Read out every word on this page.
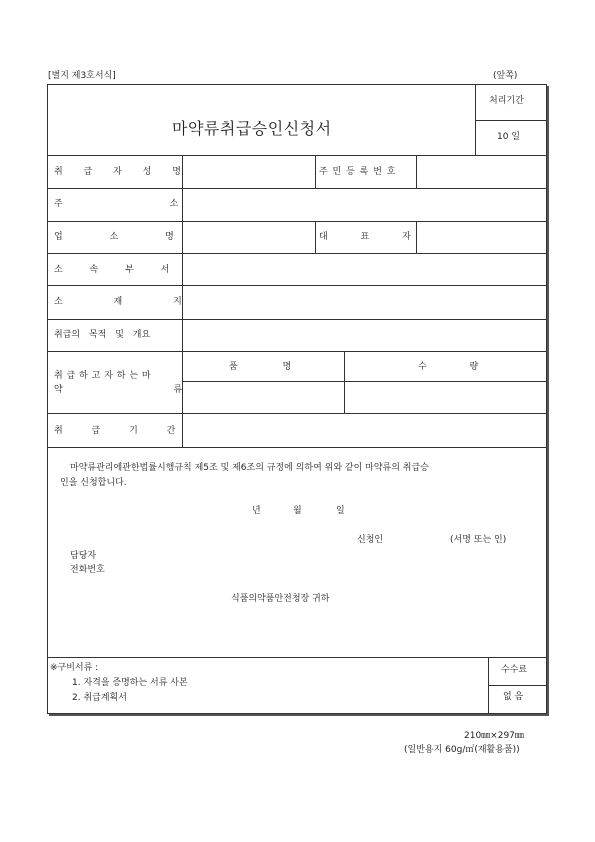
[별지 제3호서식]	(앞쪽)
마약류취급승인신청서
처리기간
10 일
취 급 자 성 명	주 민 등 록 번 호
주 소
업 소 명	대 표 자
소 속 부 서
소 재 지
취급의 목적 및 개요
취 급 하 고 자 하 는 마
약 류
품 명	수 량
취 급 기 간
마약류관리에관한법률시행규칙 제5조 및 제6조의 규정에 의하여 위와 같이 마약류의 취급승
인을 신청합니다.
년	월	일
신청인	(서명 또는 인)
담당자
전화번호
식품의약품안전청장 귀하
※구비서류 :
1. 자격을 증명하는 서류 사본
2. 취급계획서
수수료
없 음
210㎜×297㎜
(일반용지 60g/㎡(재활용품))
